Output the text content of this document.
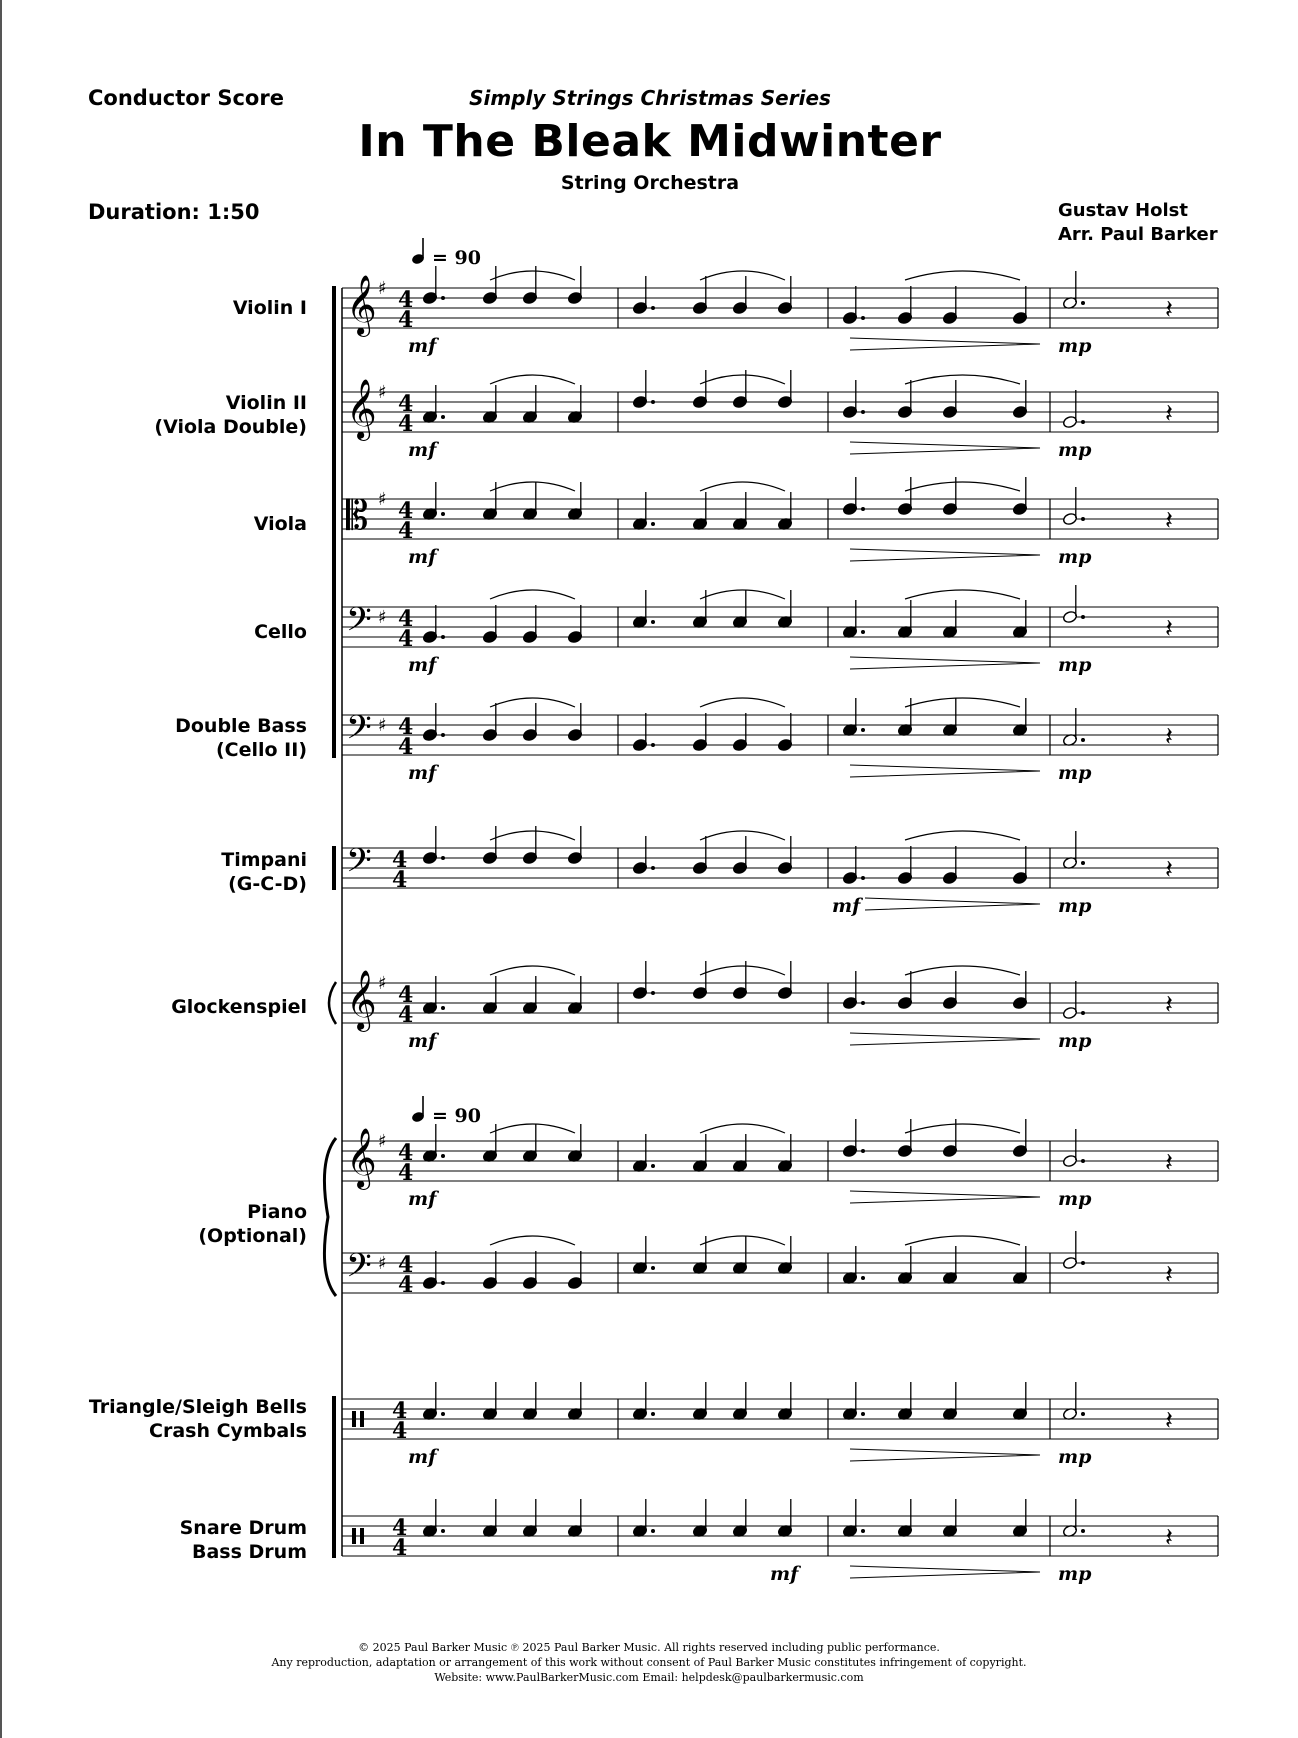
Conductor Score	Simply Strings Christmas Series
In The Bleak Midwinter
String Orchestra
Duration: 1:50	Gustav Holst
Arr. Paul Barker
Violin I
Violin II
(Viola Double)
Viola
Cello
Double Bass
(Cello II)
Timpani
(G-C-D)
Glockenspiel
Piano
(Optional)
Triangle/Sleigh Bells
Crash Cymbals
Snare Drum
Bass Drum
= 90
= 90
𝄞 ♯ 4
4	𝄽
mf	mp
𝄞 ♯ 4
4	𝄽
mf	mp
𝄡 ♯ 4
4	𝄽
mf	mp
𝄢 ♯ 4
4	𝄽
mf	mp
𝄢 ♯ 4
4	𝄽
mf	mp
𝄢 4
4	𝄽
mf	mp
𝄞 ♯ 4
4	𝄽
mf	mp
𝄞 ♯ 4
4	𝄽
mf	mp
𝄢 ♯ 4
4	𝄽
4
4	𝄽
mf	mp
4
4	𝄽
mf	mp
© 2025 Paul Barker Music ℗ 2025 Paul Barker Music. All rights reserved including public performance.
Any reproduction, adaptation or arrangement of this work without consent of Paul Barker Music constitutes infringement of copyright.
Website: www.PaulBarkerMusic.com Email: helpdesk@paulbarkermusic.com
